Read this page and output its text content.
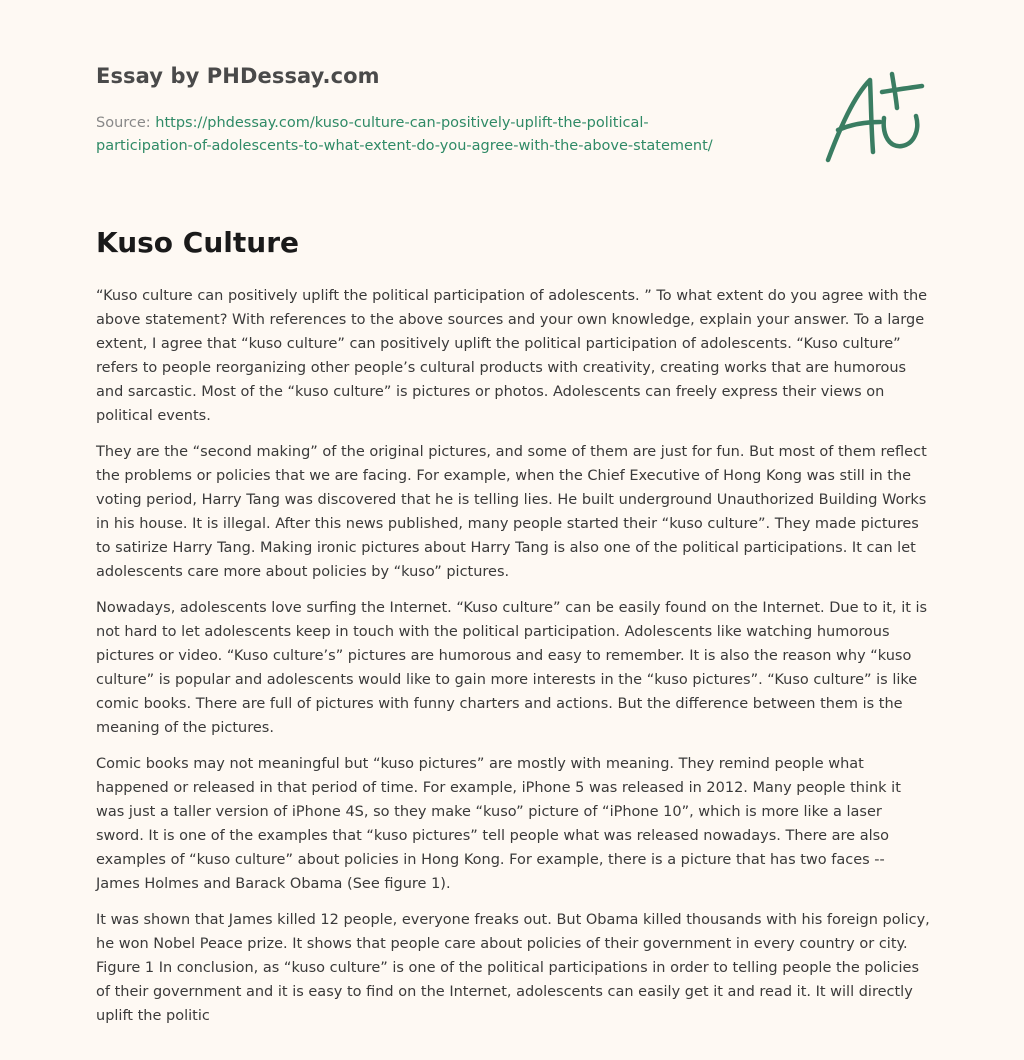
Essay by PHDessay.com
Source: https://phdessay.com/kuso-culture-can-positively-uplift-the-political-
participation-of-adolescents-to-what-extent-do-you-agree-with-the-above-statement/
Kuso Culture

“Kuso culture can positively uplift the political participation of adolescents. ” To what extent do you agree with the above statement? With references to the above sources and your own knowledge, explain your answer. To a large extent, I agree that “kuso culture” can positively uplift the political participation of adolescents. “Kuso culture” refers to people reorganizing other people’s cultural products with creativity, creating works that are humorous and sarcastic. Most of the “kuso culture” is pictures or photos. Adolescents can freely express their views on political events.

They are the “second making” of the original pictures, and some of them are just for fun. But most of them reflect the problems or policies that we are facing. For example, when the Chief Executive of Hong Kong was still in the voting period, Harry Tang was discovered that he is telling lies. He built underground Unauthorized Building Works in his house. It is illegal. After this news published, many people started their “kuso culture”. They made pictures to satirize Harry Tang. Making ironic pictures about Harry Tang is also one of the political participations. It can let adolescents care more about policies by “kuso” pictures.

Nowadays, adolescents love surfing the Internet. “Kuso culture” can be easily found on the Internet. Due to it, it is not hard to let adolescents keep in touch with the political participation. Adolescents like watching humorous pictures or video. “Kuso culture’s” pictures are humorous and easy to remember. It is also the reason why “kuso culture” is popular and adolescents would like to gain more interests in the “kuso pictures”. “Kuso culture” is like comic books. There are full of pictures with funny charters and actions. But the difference between them is the meaning of the pictures.

Comic books may not meaningful but “kuso pictures” are mostly with meaning. They remind people what happened or released in that period of time. For example, iPhone 5 was released in 2012. Many people think it was just a taller version of iPhone 4S, so they make “kuso” picture of “iPhone 10”, which is more like a laser sword. It is one of the examples that “kuso pictures” tell people what was released nowadays. There are also examples of “kuso culture” about policies in Hong Kong. For example, there is a picture that has two faces -- James Holmes and Barack Obama (See figure 1).

It was shown that James killed 12 people, everyone freaks out. But Obama killed thousands with his foreign policy, he won Nobel Peace prize. It shows that people care about policies of their government in every country or city. Figure 1 In conclusion, as “kuso culture” is one of the political participations in order to telling people the policies of their government and it is easy to find on the Internet, adolescents can easily get it and read it. It will directly uplift the politic
